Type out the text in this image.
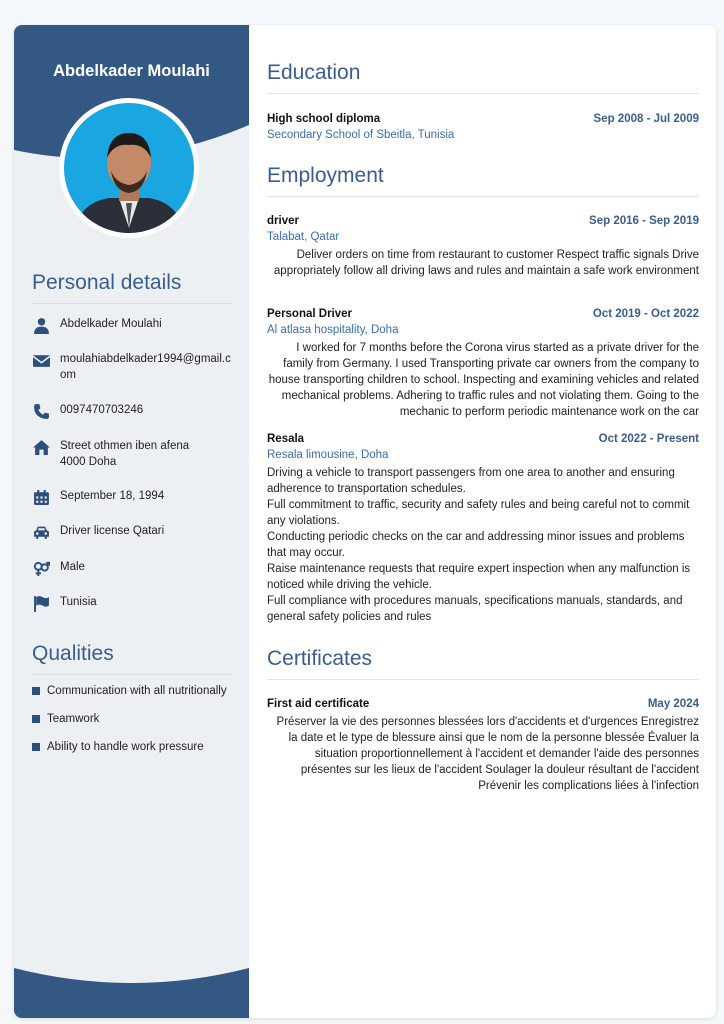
Abdelkader Moulahi
Personal details
Abdelkader Moulahi
moulahiabdelkader1994@gmail.com
0097470703246
Street othmen iben afena 4000 Doha
September 18, 1994
Driver license Qatari
Male
Tunisia
Qualities
Communication with all nutritionally
Teamwork
Ability to handle work pressure
Education
High school diploma	Sep 2008 - Jul 2009
Secondary School of Sbeitla, Tunisia
Employment
driver	Sep 2016 - Sep 2019
Talabat, Qatar
Deliver orders on time from restaurant to customer Respect traffic signals Drive appropriately follow all driving laws and rules and maintain a safe work environment
Personal Driver	Oct 2019 - Oct 2022
Al atlasa hospitality, Doha
I worked for 7 months before the Corona virus started as a private driver for the family from Germany. I used Transporting private car owners from the company to house transporting children to school. Inspecting and examining vehicles and related mechanical problems. Adhering to traffic rules and not violating them. Going to the mechanic to perform periodic maintenance work on the car
Resala	Oct 2022 - Present
Resala limousine, Doha
Driving a vehicle to transport passengers from one area to another and ensuring adherence to transportation schedules.
Full commitment to traffic, security and safety rules and being careful not to commit any violations.
Conducting periodic checks on the car and addressing minor issues and problems that may occur.
Raise maintenance requests that require expert inspection when any malfunction is noticed while driving the vehicle.
Full compliance with procedures manuals, specifications manuals, standards, and general safety policies and rules
Certificates
First aid certificate	May 2024
Préserver la vie des personnes blessées lors d'accidents et d'urgences Enregistrez la date et le type de blessure ainsi que le nom de la personne blessée Évaluer la situation proportionnellement à l'accident et demander l'aide des personnes présentes sur les lieux de l'accident Soulager la douleur résultant de l'accident Prévenir les complications liées à l'infection
